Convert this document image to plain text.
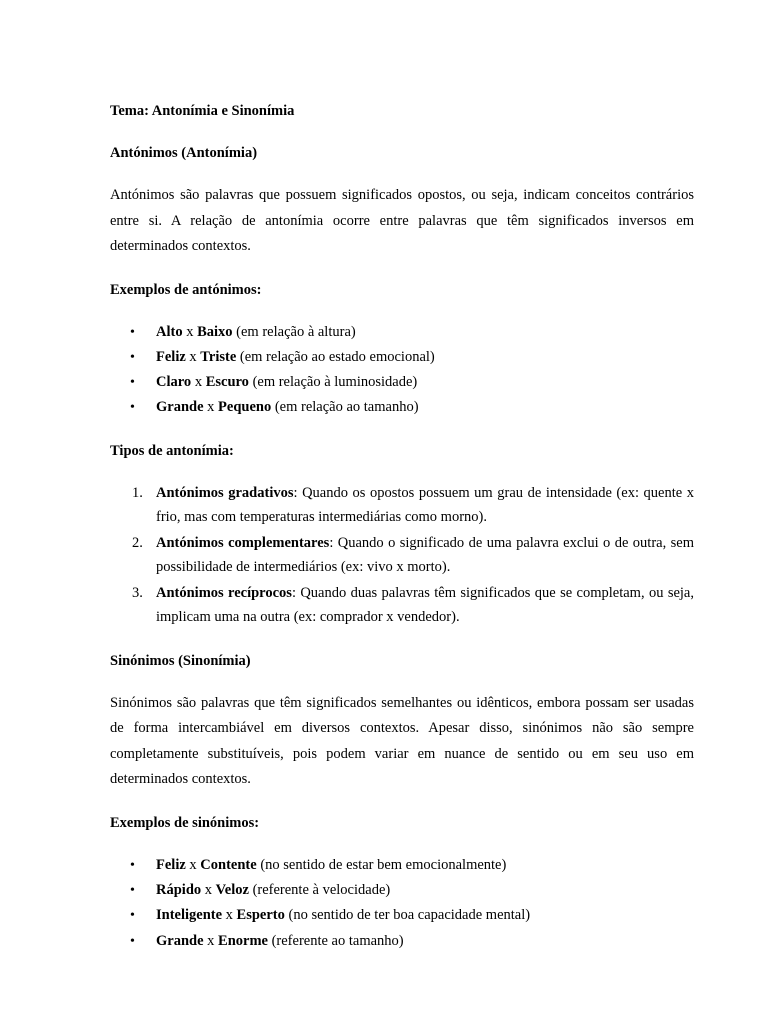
Tema: Antonímia e Sinonímia

Antónimos (Antonímia)

Antónimos são palavras que possuem significados opostos, ou seja, indicam conceitos contrários entre si. A relação de antonímia ocorre entre palavras que têm significados inversos em determinados contextos.

Exemplos de antónimos:

• Alto x Baixo (em relação à altura)
• Feliz x Triste (em relação ao estado emocional)
• Claro x Escuro (em relação à luminosidade)
• Grande x Pequeno (em relação ao tamanho)

Tipos de antonímia:

1. Antónimos gradativos: Quando os opostos possuem um grau de intensidade (ex: quente x frio, mas com temperaturas intermediárias como morno).
2. Antónimos complementares: Quando o significado de uma palavra exclui o de outra, sem possibilidade de intermediários (ex: vivo x morto).
3. Antónimos recíprocos: Quando duas palavras têm significados que se completam, ou seja, implicam uma na outra (ex: comprador x vendedor).

Sinónimos (Sinonímia)

Sinónimos são palavras que têm significados semelhantes ou idênticos, embora possam ser usadas de forma intercambiável em diversos contextos. Apesar disso, sinónimos não são sempre completamente substituíveis, pois podem variar em nuance de sentido ou em seu uso em determinados contextos.

Exemplos de sinónimos:

• Feliz x Contente (no sentido de estar bem emocionalmente)
• Rápido x Veloz (referente à velocidade)
• Inteligente x Esperto (no sentido de ter boa capacidade mental)
• Grande x Enorme (referente ao tamanho)
